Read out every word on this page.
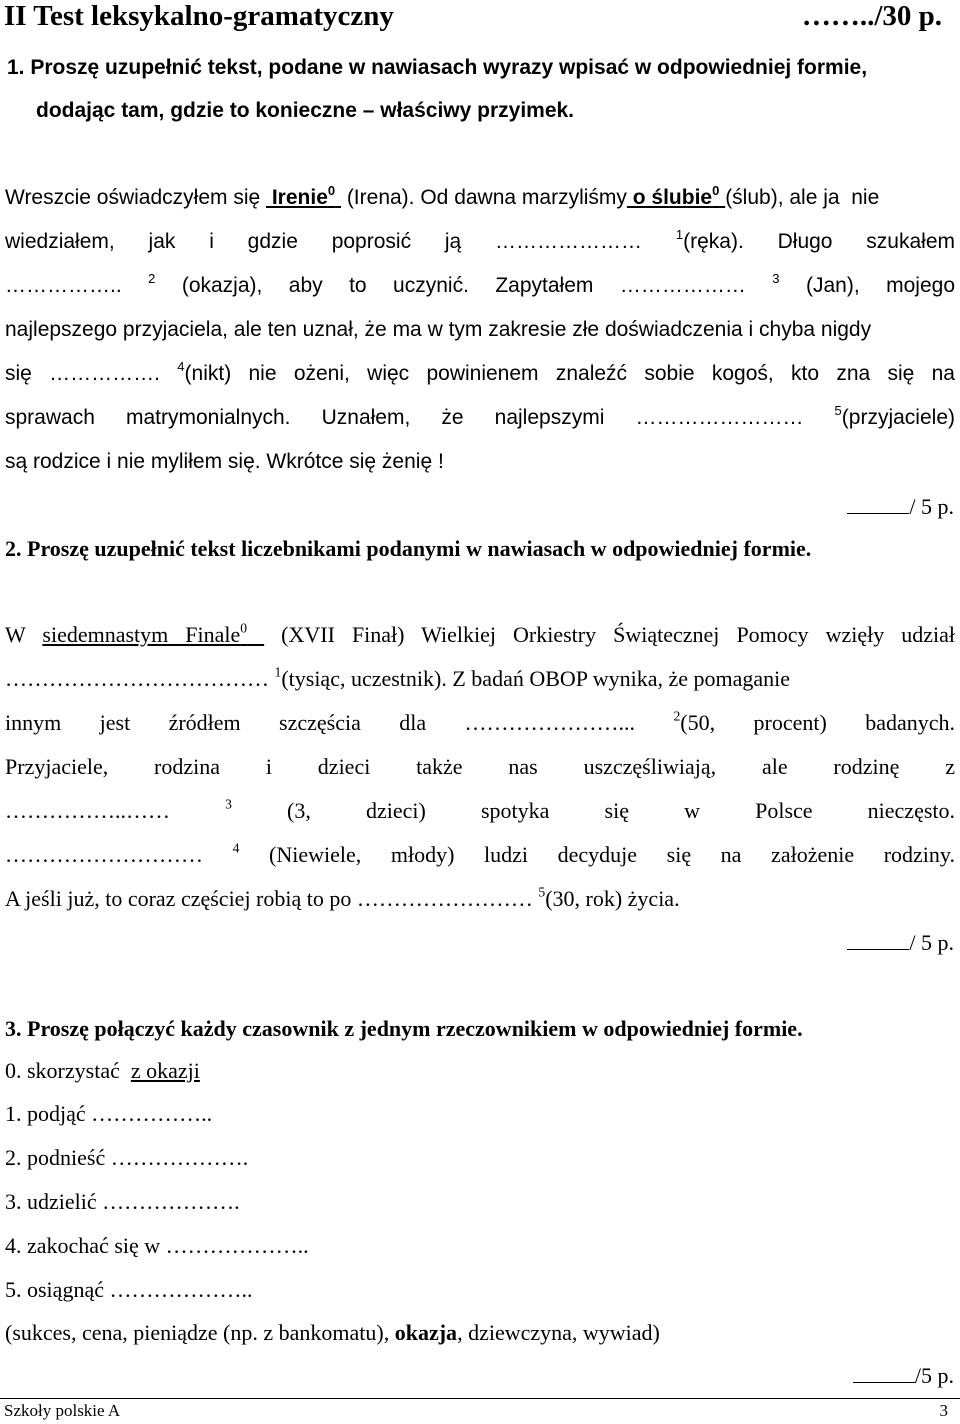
II Test leksykalno-gramatyczny	……../30 p.
1. Proszę uzupełnić tekst, podane w nawiasach wyrazy wpisać w odpowiedniej formie,
dodając tam, gdzie to konieczne – właściwy przyimek.
Wreszcie oświadczyłem się  Irenie$^0$  (Irena). Od dawna marzyliśmy o ślubie$^0$ (ślub), ale ja  nie
wiedziałem, jak i gdzie poprosić ją ………………… $^1$(ręka). Długo szukałem
…………….. $^2$ (okazja), aby to uczynić. Zapytałem ……………… $^3$ (Jan), mojego
najlepszego przyjaciela, ale ten uznał, że ma w tym zakresie złe doświadczenia i chyba nigdy
się ……………. $^4$(nikt) nie ożeni, więc powinienem znaleźć sobie kogoś, kto zna się na
sprawach matrymonialnych. Uznałem, że najlepszymi …………………… $^5$(przyjaciele)
są rodzice i nie myliłem się. Wkrótce się żenię !
/ 5 p.
2. Proszę uzupełnić tekst liczebnikami podanymi w nawiasach w odpowiedniej formie.
W siedemnastym Finale$^0$  (XVII Finał) Wielkiej Orkiestry Świątecznej Pomocy wzięły udział
……………………………… $^1$(tysiąc, uczestnik). Z badań OBOP wynika, że pomaganie
innym jest źródłem szczęścia dla …………………... $^2$(50, procent) badanych.
Przyjaciele, rodzina i dzieci także nas uszczęśliwiają, ale rodzinę z
……………..…… $^3$ (3, dzieci) spotyka się w Polsce nieczęsto.
……………………… $^4$ (Niewiele, młody) ludzi decyduje się na założenie rodziny.
A jeśli już, to coraz częściej robią to po …………………… $^5$(30, rok) życia.
/ 5 p.
3. Proszę połączyć każdy czasownik z jednym rzeczownikiem w odpowiedniej formie.
0. skorzystać z okazji
1. podjąć ……………..
2. podnieść ……………….
3. udzielić ……………….
4. zakochać się w ………………..
5. osiągnąć ………………..
(sukces, cena, pieniądze (np. z bankomatu), okazja, dziewczyna, wywiad)
/5 p.
Szkoły polskie A	3
